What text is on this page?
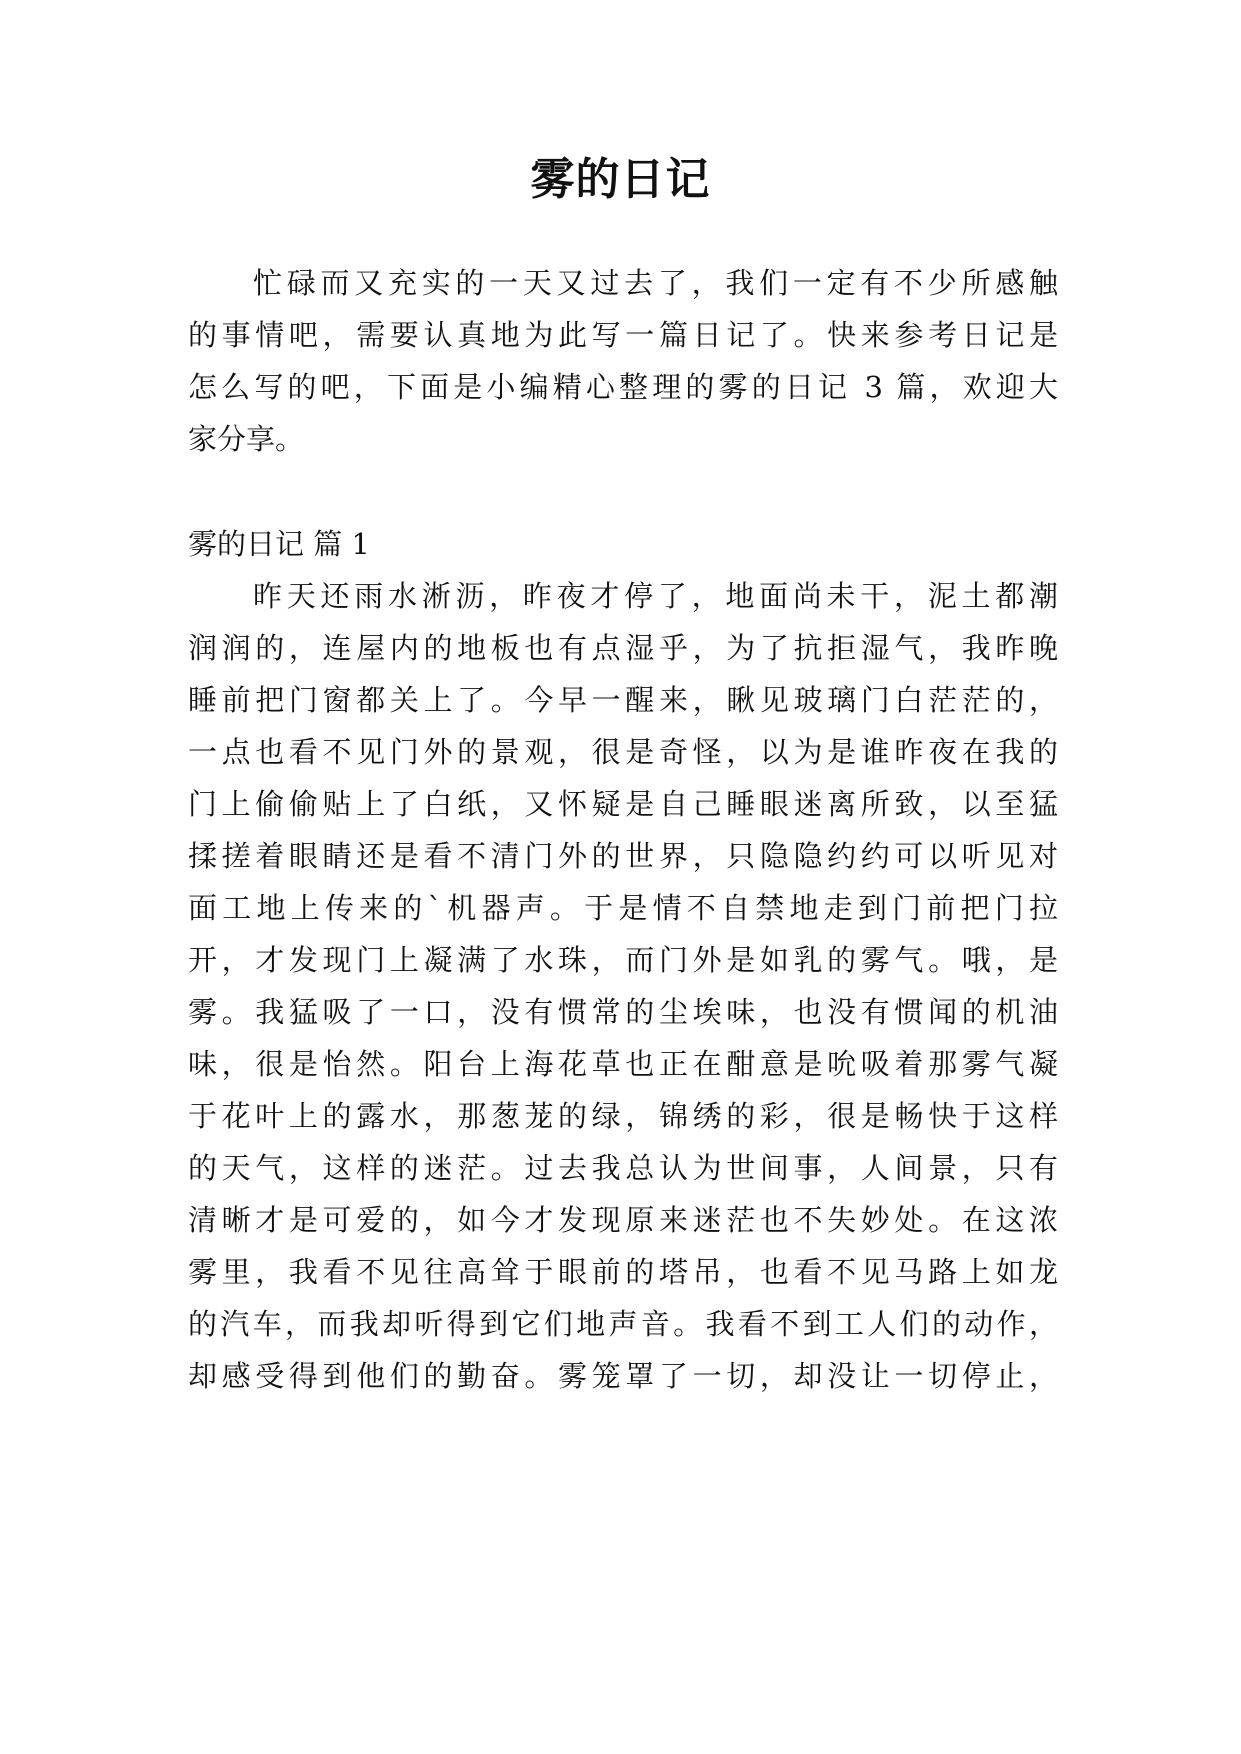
雾的日记
忙碌而又充实的一天又过去了，我们一定有不少所感触
的事情吧，需要认真地为此写一篇日记了。快来参考日记是
怎么写的吧，下面是小编精心整理的雾的日记 3 篇，欢迎大
家分享。
雾的日记 篇 1
昨天还雨水淅沥，昨夜才停了，地面尚未干，泥土都潮
润润的，连屋内的地板也有点湿乎，为了抗拒湿气，我昨晚
睡前把门窗都关上了。今早一醒来，瞅见玻璃门白茫茫的，
一点也看不见门外的景观，很是奇怪，以为是谁昨夜在我的
门上偷偷贴上了白纸，又怀疑是自己睡眼迷离所致，以至猛
揉搓着眼睛还是看不清门外的世界，只隐隐约约可以听见对
面工地上传来的`机器声。于是情不自禁地走到门前把门拉
开，才发现门上凝满了水珠，而门外是如乳的雾气。哦，是
雾。我猛吸了一口，没有惯常的尘埃味，也没有惯闻的机油
味，很是怡然。阳台上海花草也正在酣意是吮吸着那雾气凝
于花叶上的露水，那葱茏的绿，锦绣的彩，很是畅快于这样
的天气，这样的迷茫。过去我总认为世间事，人间景，只有
清晰才是可爱的，如今才发现原来迷茫也不失妙处。在这浓
雾里，我看不见往高耸于眼前的塔吊，也看不见马路上如龙
的汽车，而我却听得到它们地声音。我看不到工人们的动作，
却感受得到他们的勤奋。雾笼罩了一切，却没让一切停止，
